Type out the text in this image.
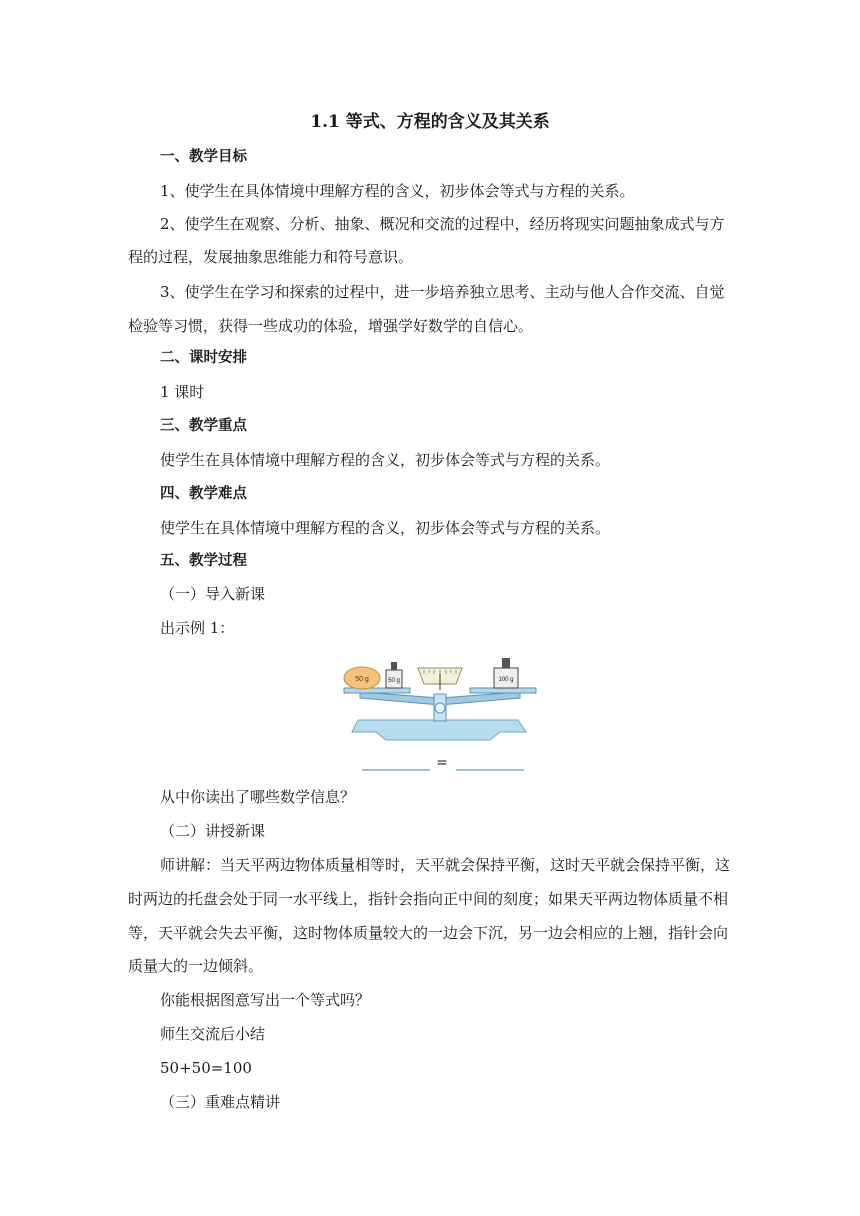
1.1 等式、方程的含义及其关系
一、教学目标
1、使学生在具体情境中理解方程的含义，初步体会等式与方程的关系。
2、使学生在观察、分析、抽象、概况和交流的过程中，经历将现实问题抽象成式与方
程的过程，发展抽象思维能力和符号意识。
3、使学生在学习和探索的过程中，进一步培养独立思考、主动与他人合作交流、自觉
检验等习惯，获得一些成功的体验，增强学好数学的自信心。
二、课时安排
1 课时
三、教学重点
使学生在具体情境中理解方程的含义，初步体会等式与方程的关系。
四、教学难点
使学生在具体情境中理解方程的含义，初步体会等式与方程的关系。
五、教学过程
（一）导入新课
出示例 1：
50 g	50 g	100 g
=
从中你读出了哪些数学信息？
（二）讲授新课
师讲解：当天平两边物体质量相等时，天平就会保持平衡，这时天平就会保持平衡，这
时两边的托盘会处于同一水平线上，指针会指向正中间的刻度；如果天平两边物体质量不相
等，天平就会失去平衡，这时物体质量较大的一边会下沉，另一边会相应的上翘，指针会向
质量大的一边倾斜。
你能根据图意写出一个等式吗？
师生交流后小结
50+50=100
（三）重难点精讲
